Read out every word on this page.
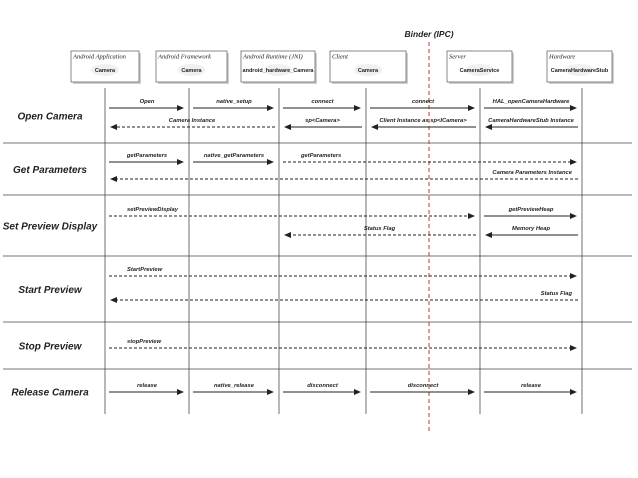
Open Camera
Get Parameters
Set Preview Display
Start Preview
Stop Preview
Release Camera
Binder (IPC)
Android Application
Camera
Android Framework
Camera
Android Runtime (JNI)
android_hardware_Camera
Client
Camera
Server
CameraService
Hardware
CameraHardwareStub
Open	native_setup	connect	connect	HAL_openCameraHardware
Camera Instance	sp<Camera>	Client Instance as sp<ICamera>	CameraHardwareStub Instance
getParameters	native_getParameters	getParameters
Camera Parameters Instance
setPreviewDisplay	getPreviewHeap
Status Flag	Memory Heap
StartPreview
Status Flag
stopPreview
release	native_release	disconnect	disconnect	release
